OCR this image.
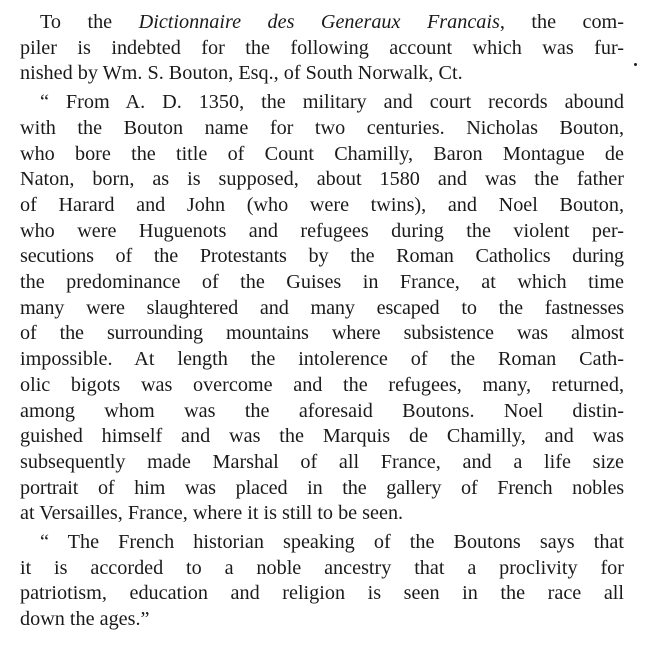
To the Dictionnaire des Generaux Francais, the com-
piler is indebted for the following account which was fur-
nished by Wm. S. Bouton, Esq., of South Norwalk, Ct.

“ From A. D. 1350, the military and court records abound
with the Bouton name for two centuries. Nicholas Bouton,
who bore the title of Count Chamilly, Baron Montague de
Naton, born, as is supposed, about 1580 and was the father
of Harard and John (who were twins), and Noel Bouton,
who were Huguenots and refugees during the violent per-
secutions of the Protestants by the Roman Catholics during
the predominance of the Guises in France, at which time
many were slaughtered and many escaped to the fastnesses
of the surrounding mountains where subsistence was almost
impossible. At length the intolerence of the Roman Cath-
olic bigots was overcome and the refugees, many, returned,
among whom was the aforesaid Boutons. Noel distin-
guished himself and was the Marquis de Chamilly, and was
subsequently made Marshal of all France, and a life size
portrait of him was placed in the gallery of French nobles
at Versailles, France, where it is still to be seen.

“ The French historian speaking of the Boutons says that
it is accorded to a noble ancestry that a proclivity for
patriotism, education and religion is seen in the race all
down the ages.”
